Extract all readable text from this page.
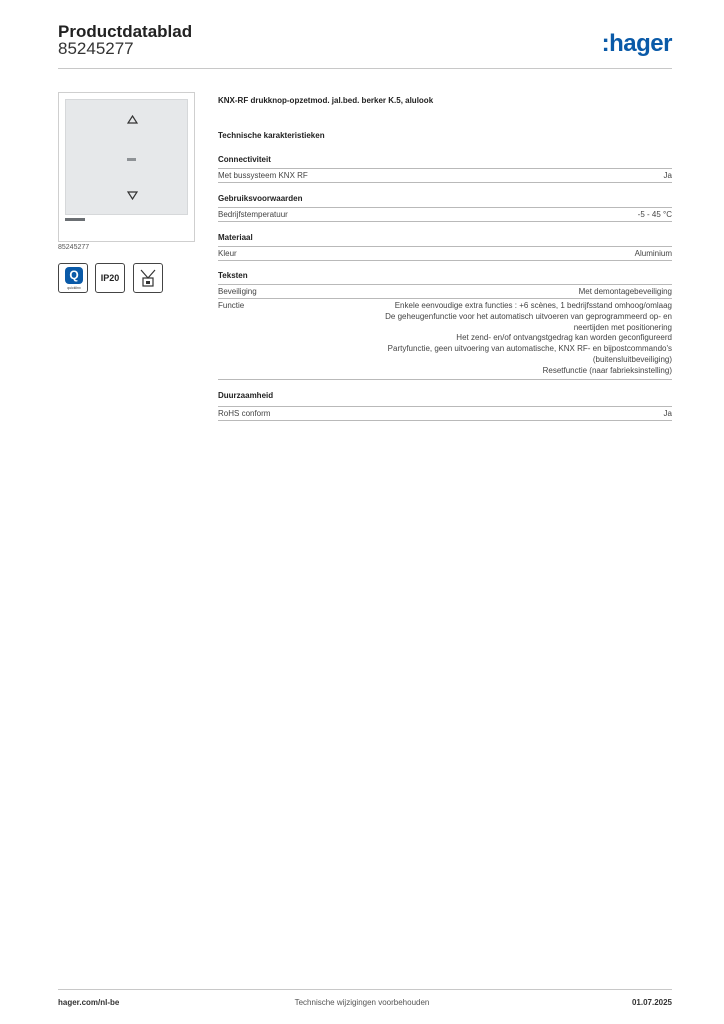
Productdatablad
85245277	:hager
85245277
Q
quicklinx
IP20
KNX-RF drukknop-opzetmod. jal.bed. berker K.5, alulook
Technische karakteristieken
Connectiviteit
Met bussysteem KNX RF	Ja
Gebruiksvoorwaarden
Bedrijfstemperatuur	-5 - 45 °C
Materiaal
Kleur	Aluminium
Teksten
Beveiliging	Met demontagebeveiliging
Functie	Enkele eenvoudige extra functies : +6 scènes, 1 bedrijfsstand omhoog/omlaag
De geheugenfunctie voor het automatisch uitvoeren van geprogrammeerd op- en
neertijden met positionering
Het zend- en/of ontvangstgedrag kan worden geconfigureerd
Partyfunctie, geen uitvoering van automatische, KNX RF- en bijpostcommando's
(buitensluitbeveiliging)
Resetfunctie (naar fabrieksinstelling)
Duurzaamheid
RoHS conform	Ja
hager.com/nl-be	Technische wijzigingen voorbehouden	01.07.2025
